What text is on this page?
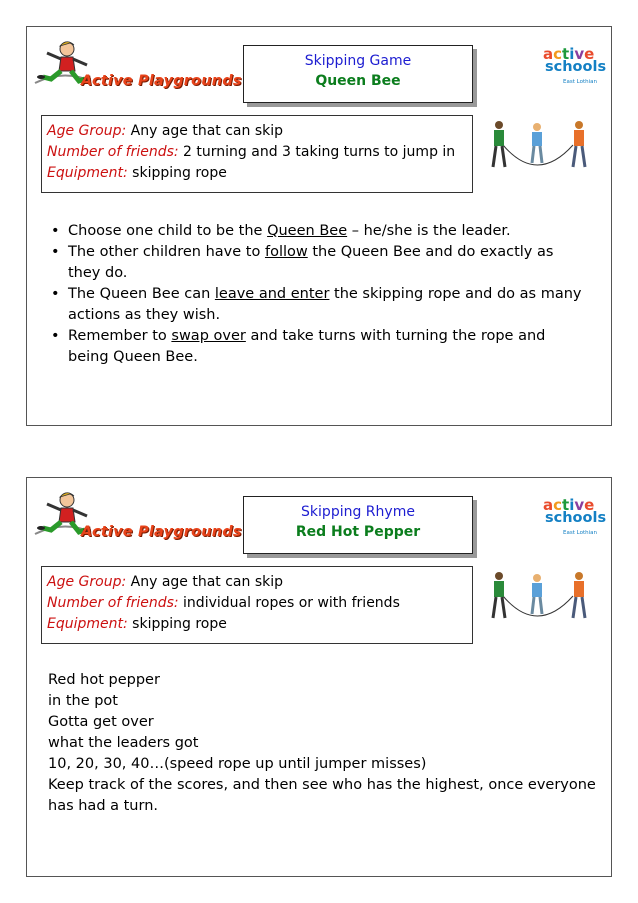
Active Playgrounds
Skipping Game
Queen Bee
active
schools
East Lothian
Age Group: Any age that can skip
Number of friends: 2 turning and 3 taking turns to jump in
Equipment: skipping rope
• Choose one child to be the Queen Bee – he/she is the leader.
• The other children have to follow the Queen Bee and do exactly as they do.
• The Queen Bee can leave and enter the skipping rope and do as many actions as they wish.
• Remember to swap over and take turns with turning the rope and being Queen Bee.
Active Playgrounds
Skipping Rhyme
Red Hot Pepper
active
schools
East Lothian
Age Group: Any age that can skip
Number of friends: individual ropes or with friends
Equipment: skipping rope
Red hot pepper
in the pot
Gotta get over
what the leaders got
10, 20, 30, 40…(speed rope up until jumper misses)
Keep track of the scores, and then see who has the highest, once everyone
has had a turn.
